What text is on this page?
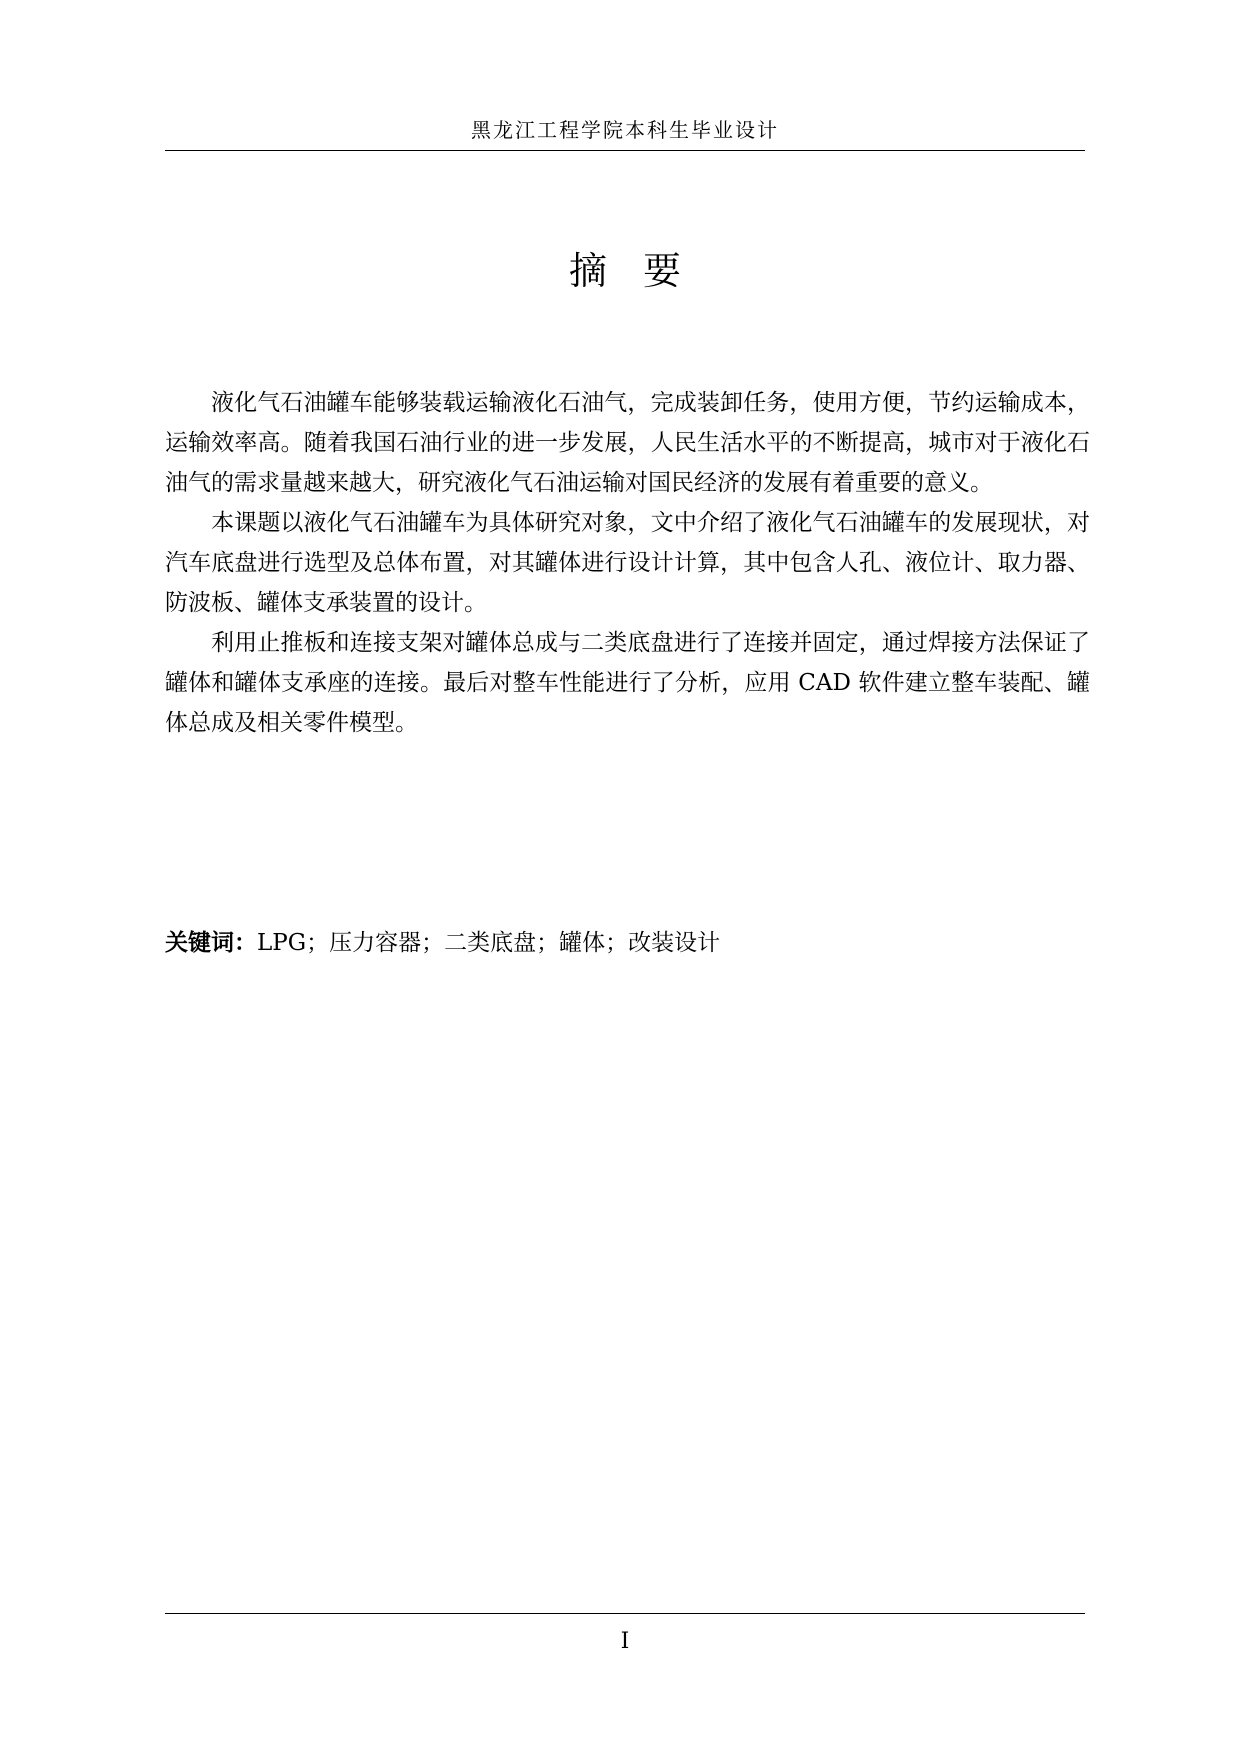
黑龙江工程学院本科生毕业设计
摘 要

液化气石油罐车能够装载运输液化石油气，完成装卸任务，使用方便，节约运输成本，运输效率高。随着我国石油行业的进一步发展，人民生活水平的不断提高，城市对于液化石油气的需求量越来越大，研究液化气石油运输对国民经济的发展有着重要的意义。

本课题以液化气石油罐车为具体研究对象，文中介绍了液化气石油罐车的发展现状，对汽车底盘进行选型及总体布置，对其罐体进行设计计算，其中包含人孔、液位计、取力器、防波板、罐体支承装置的设计。

利用止推板和连接支架对罐体总成与二类底盘进行了连接并固定，通过焊接方法保证了罐体和罐体支承座的连接。最后对整车性能进行了分析，应用 CAD 软件建立整车装配、罐体总成及相关零件模型。

关键词：LPG；压力容器；二类底盘；罐体；改装设计
I
